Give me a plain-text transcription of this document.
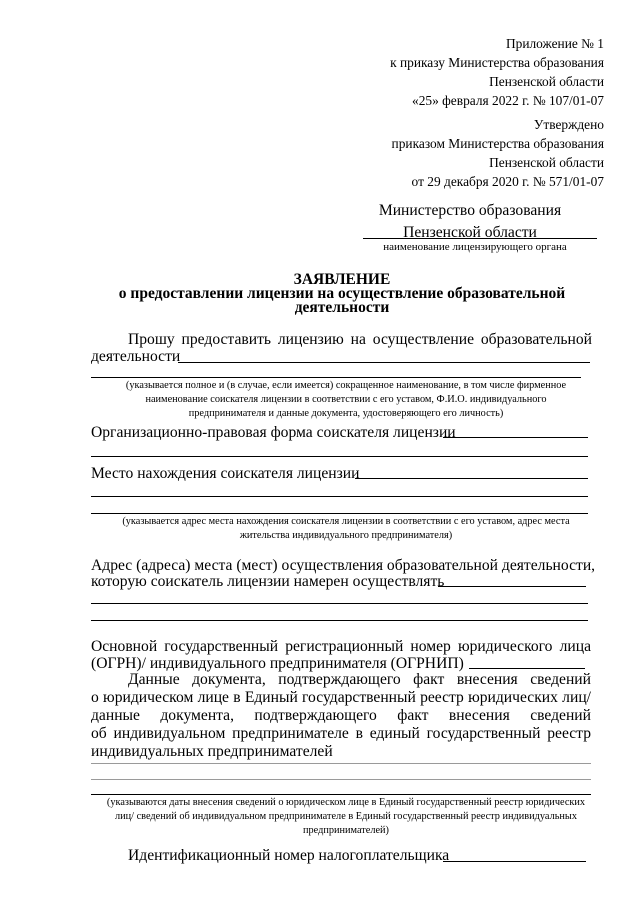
Приложение № 1
к приказу Министерства образования
Пензенской области
«25» февраля 2022 г. № 107/01-07
Утверждено
приказом Министерства образования
Пензенской области
от 29 декабря 2020 г. № 571/01-07
Министерство образования
Пензенской области
наименование лицензирующего органа
ЗАЯВЛЕНИЕ
о предоставлении лицензии на осуществление образовательной
деятельности
Прошу предоставить лицензию на осуществление образовательной
деятельности
(указывается полное и (в случае, если имеется) сокращенное наименование, в том числе фирменное
наименование соискателя лицензии в соответствии с его уставом, Ф.И.О. индивидуального
предпринимателя и данные документа, удостоверяющего его личность)
Организационно-правовая форма соискателя лицензии
Место нахождения соискателя лицензии
(указывается адрес места нахождения соискателя лицензии в соответствии с его уставом, адрес места
жительства индивидуального предпринимателя)
Адрес (адреса) места (мест) осуществления образовательной деятельности,
которую соискатель лицензии намерен осуществлять
Основной государственный регистрационный номер юридического лица
(ОГРН)/ индивидуального предпринимателя (ОГРНИП)
Данные документа, подтверждающего факт внесения сведений
о юридическом лице в Единый государственный реестр юридических лиц/
данные документа, подтверждающего факт внесения сведений
об индивидуальном предпринимателе в единый государственный реестр
индивидуальных предпринимателей
(указываются даты внесения сведений о юридическом лице в Единый государственный реестр юридических
лиц/ сведений об индивидуальном предпринимателе в Единый государственный реестр индивидуальных
предпринимателей)
Идентификационный номер налогоплательщика
